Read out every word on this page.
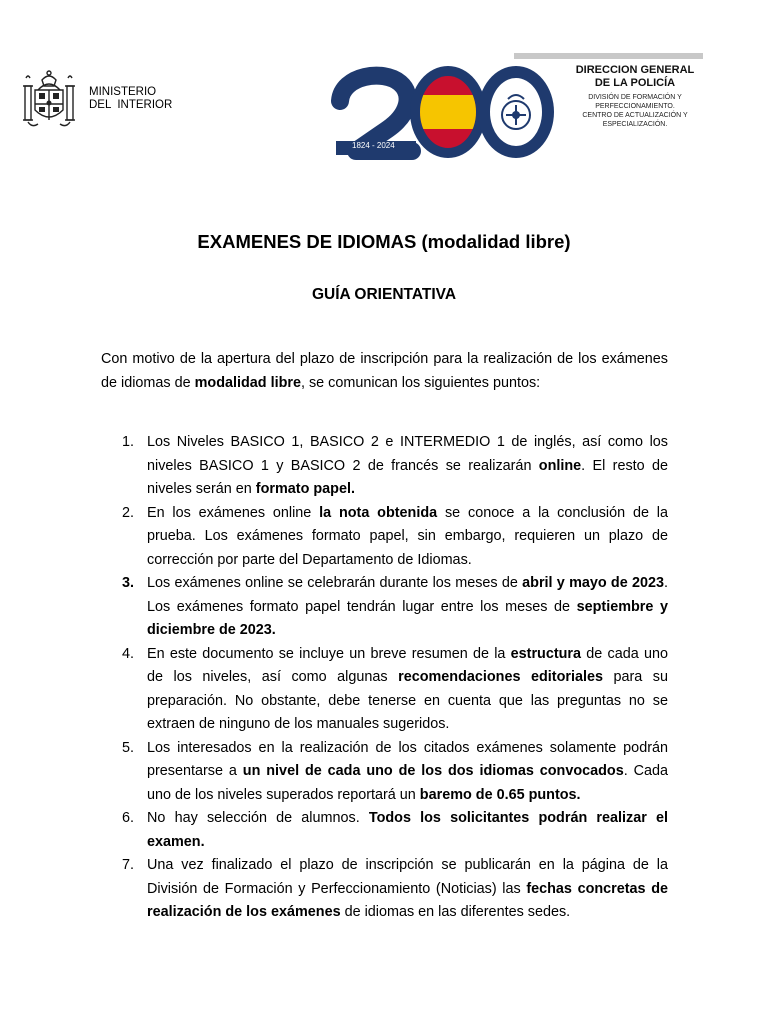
MINISTERIO
DEL  INTERIOR
1824 - 2024
DIRECCION GENERAL
DE LA POLICÍA
DIVISIÓN DE FORMACIÓN Y
PERFECCIONAMIENTO.
CENTRO DE ACTUALIZACIÓN Y
ESPECIALIZACIÓN.
EXAMENES DE IDIOMAS (modalidad libre)
GUÍA ORIENTATIVA

Con motivo de la apertura del plazo de inscripción para la realización de los exámenes de idiomas de modalidad libre, se comunican los siguientes puntos:

1. Los Niveles BASICO 1, BASICO 2 e INTERMEDIO 1 de inglés, así como los niveles BASICO 1 y BASICO 2 de francés se realizarán online. El resto de niveles serán en formato papel.
2. En los exámenes online la nota obtenida se conoce a la conclusión de la prueba. Los exámenes formato papel, sin embargo, requieren un plazo de corrección por parte del Departamento de Idiomas.
3. Los exámenes online se celebrarán durante los meses de abril y mayo de 2023. Los exámenes formato papel tendrán lugar entre los meses de septiembre y diciembre de 2023.
4. En este documento se incluye un breve resumen de la estructura de cada uno de los niveles, así como algunas recomendaciones editoriales para su preparación. No obstante, debe tenerse en cuenta que las preguntas no se extraen de ninguno de los manuales sugeridos.
5. Los interesados en la realización de los citados exámenes solamente podrán presentarse a un nivel de cada uno de los dos idiomas convocados. Cada uno de los niveles superados reportará un baremo de 0.65 puntos.
6. No hay selección de alumnos. Todos los solicitantes podrán realizar el examen.
7. Una vez finalizado el plazo de inscripción se publicarán en la página de la División de Formación y Perfeccionamiento (Noticias) las fechas concretas de realización de los exámenes de idiomas en las diferentes sedes.
